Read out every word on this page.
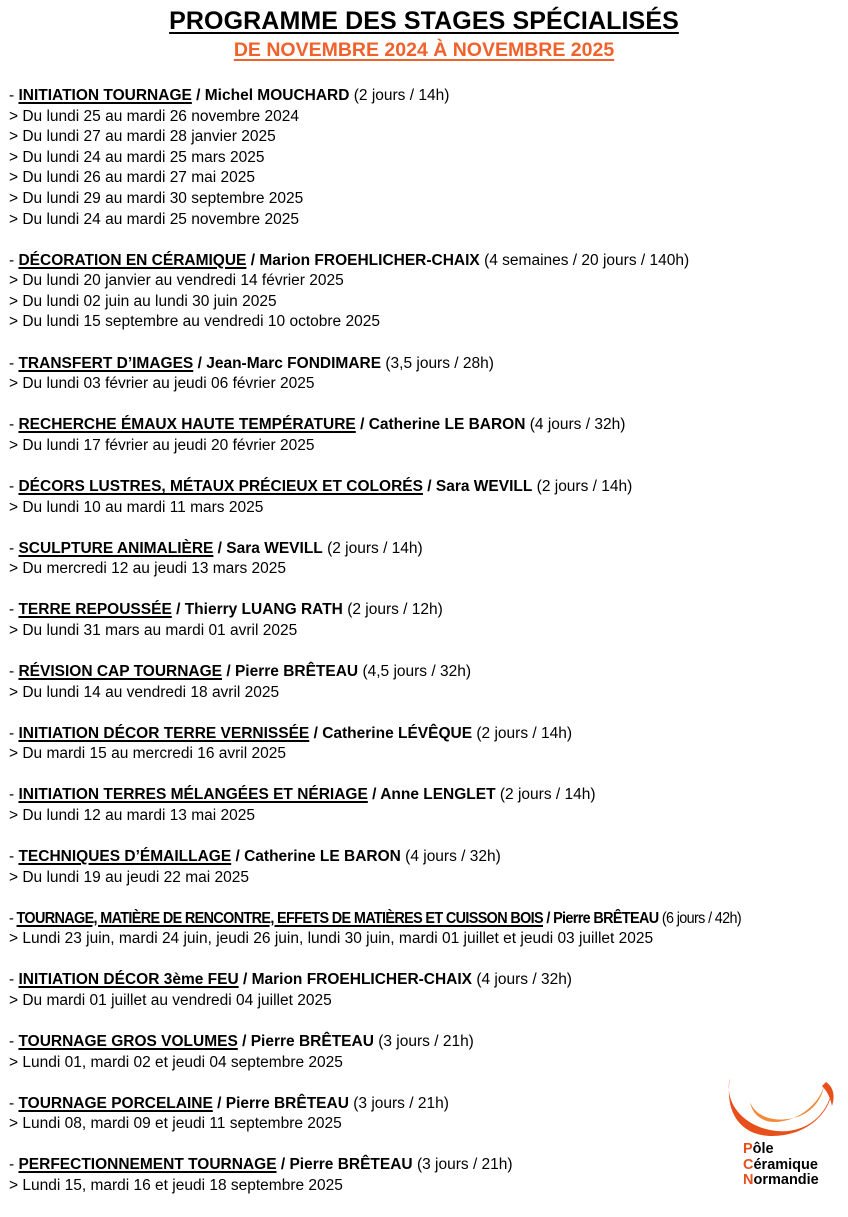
PROGRAMME DES STAGES SPÉCIALISÉS
DE NOVEMBRE 2024 À NOVEMBRE 2025
- INITIATION TOURNAGE / Michel MOUCHARD (2 jours / 14h)
> Du lundi 25 au mardi 26 novembre 2024
> Du lundi 27 au mardi 28 janvier 2025
> Du lundi 24 au mardi 25 mars 2025
> Du lundi 26 au mardi 27 mai 2025
> Du lundi 29 au mardi 30 septembre 2025
> Du lundi 24 au mardi 25 novembre 2025
- DÉCORATION EN CÉRAMIQUE / Marion FROEHLICHER-CHAIX (4 semaines / 20 jours / 140h)
> Du lundi 20 janvier au vendredi 14 février 2025
> Du lundi 02 juin au lundi 30 juin 2025
> Du lundi 15 septembre au vendredi 10 octobre 2025
- TRANSFERT D’IMAGES / Jean-Marc FONDIMARE (3,5 jours / 28h)
> Du lundi 03 février au jeudi 06 février 2025
- RECHERCHE ÉMAUX HAUTE TEMPÉRATURE / Catherine LE BARON (4 jours / 32h)
> Du lundi 17 février au jeudi 20 février 2025
- DÉCORS LUSTRES, MÉTAUX PRÉCIEUX ET COLORÉS / Sara WEVILL (2 jours / 14h)
> Du lundi 10 au mardi 11 mars 2025
- SCULPTURE ANIMALIÈRE / Sara WEVILL (2 jours / 14h)
> Du mercredi 12 au jeudi 13 mars 2025
- TERRE REPOUSSÉE / Thierry LUANG RATH (2 jours / 12h)
> Du lundi 31 mars au mardi 01 avril 2025
- RÉVISION CAP TOURNAGE / Pierre BRÊTEAU (4,5 jours / 32h)
> Du lundi 14 au vendredi 18 avril 2025
- INITIATION DÉCOR TERRE VERNISSÉE / Catherine LÉVÊQUE (2 jours / 14h)
> Du mardi 15 au mercredi 16 avril 2025
- INITIATION TERRES MÉLANGÉES ET NÉRIAGE / Anne LENGLET (2 jours / 14h)
> Du lundi 12 au mardi 13 mai 2025
- TECHNIQUES D’ÉMAILLAGE / Catherine LE BARON (4 jours / 32h)
> Du lundi 19 au jeudi 22 mai 2025
- TOURNAGE, MATIÈRE DE RENCONTRE, EFFETS DE MATIÈRES ET CUISSON BOIS / Pierre BRÊTEAU (6 jours / 42h)
> Lundi 23 juin, mardi 24 juin, jeudi 26 juin, lundi 30 juin, mardi 01 juillet et jeudi 03 juillet 2025
- INITIATION DÉCOR 3ème FEU / Marion FROEHLICHER-CHAIX (4 jours / 32h)
> Du mardi 01 juillet au vendredi 04 juillet 2025
- TOURNAGE GROS VOLUMES / Pierre BRÊTEAU (3 jours / 21h)
> Lundi 01, mardi 02 et jeudi 04 septembre 2025
- TOURNAGE PORCELAINE / Pierre BRÊTEAU (3 jours / 21h)
> Lundi 08, mardi 09 et jeudi 11 septembre 2025
- PERFECTIONNEMENT TOURNAGE / Pierre BRÊTEAU (3 jours / 21h)
> Lundi 15, mardi 16 et jeudi 18 septembre 2025
Pôle
Céramique
Normandie
